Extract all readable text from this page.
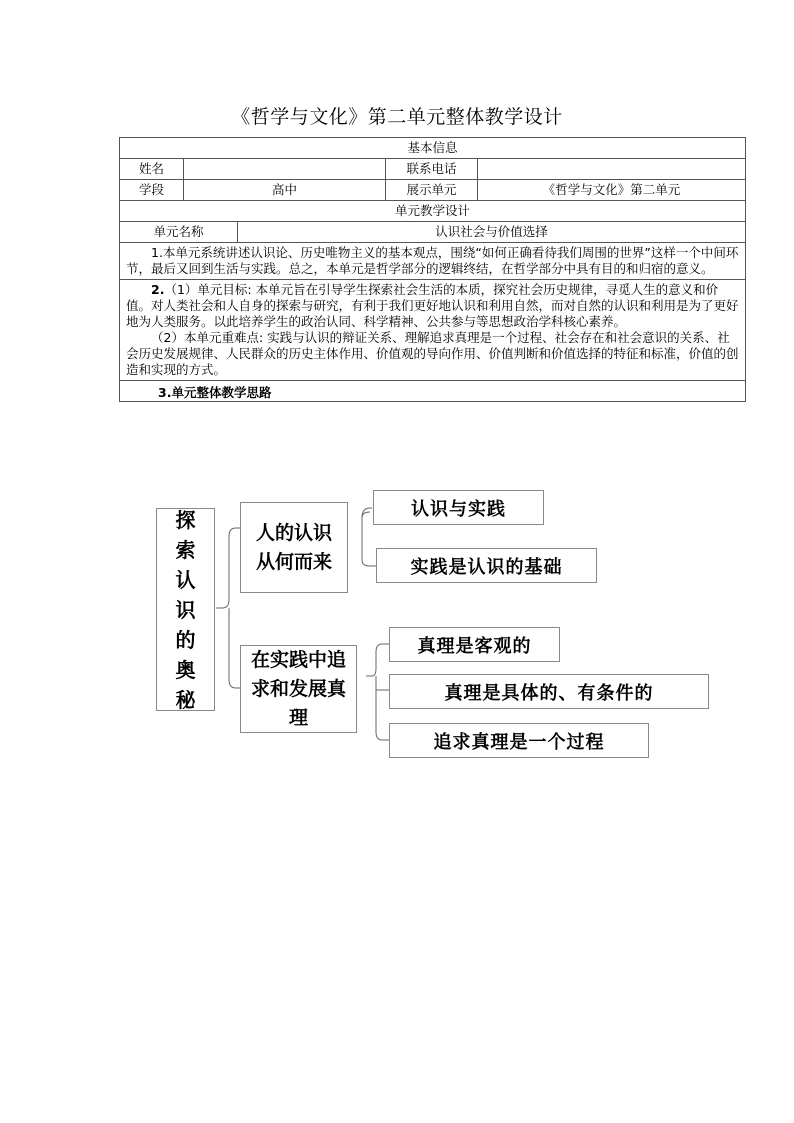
《哲学与文化》第二单元整体教学设计
基本信息				
姓名			联系电话	
学段	高中		展示单元	《哲学与文化》第二单元
单元教学设计				
单元名称		认识社会与价值选择		
1.本单元系统讲述认识论、历史唯物主义的基本观点，围绕“如何正确看待我们周围的世界”这样一个中间环节，最后又回到生活与实践。总之，本单元是哲学部分的逻辑终结，在哲学部分中具有目的和归宿的意义。				
2.（1）单元目标: 本单元旨在引导学生探索社会生活的本质，探究社会历史规律，寻觅人生的意义和价值。对人类社会和人自身的探索与研究，有利于我们更好地认识和利用自然，而对自然的认识和利用是为了更好地为人类服务。以此培养学生的政治认同、科学精神、公共参与等思想政治学科核心素养。
（2）本单元重难点: 实践与认识的辩证关系、理解追求真理是一个过程、社会存在和社会意识的关系、社会历史发展规律、人民群众的历史主体作用、价值观的导向作用、价值判断和价值选择的特征和标准，价值的创造和实现的方式。				

3.单元整体教学思路				
探索认识的奥秘
人的认识从何而来
在实践中追求和发展真理
认识与实践
实践是认识的基础
真理是客观的
真理是具体的、有条件的
追求真理是一个过程
